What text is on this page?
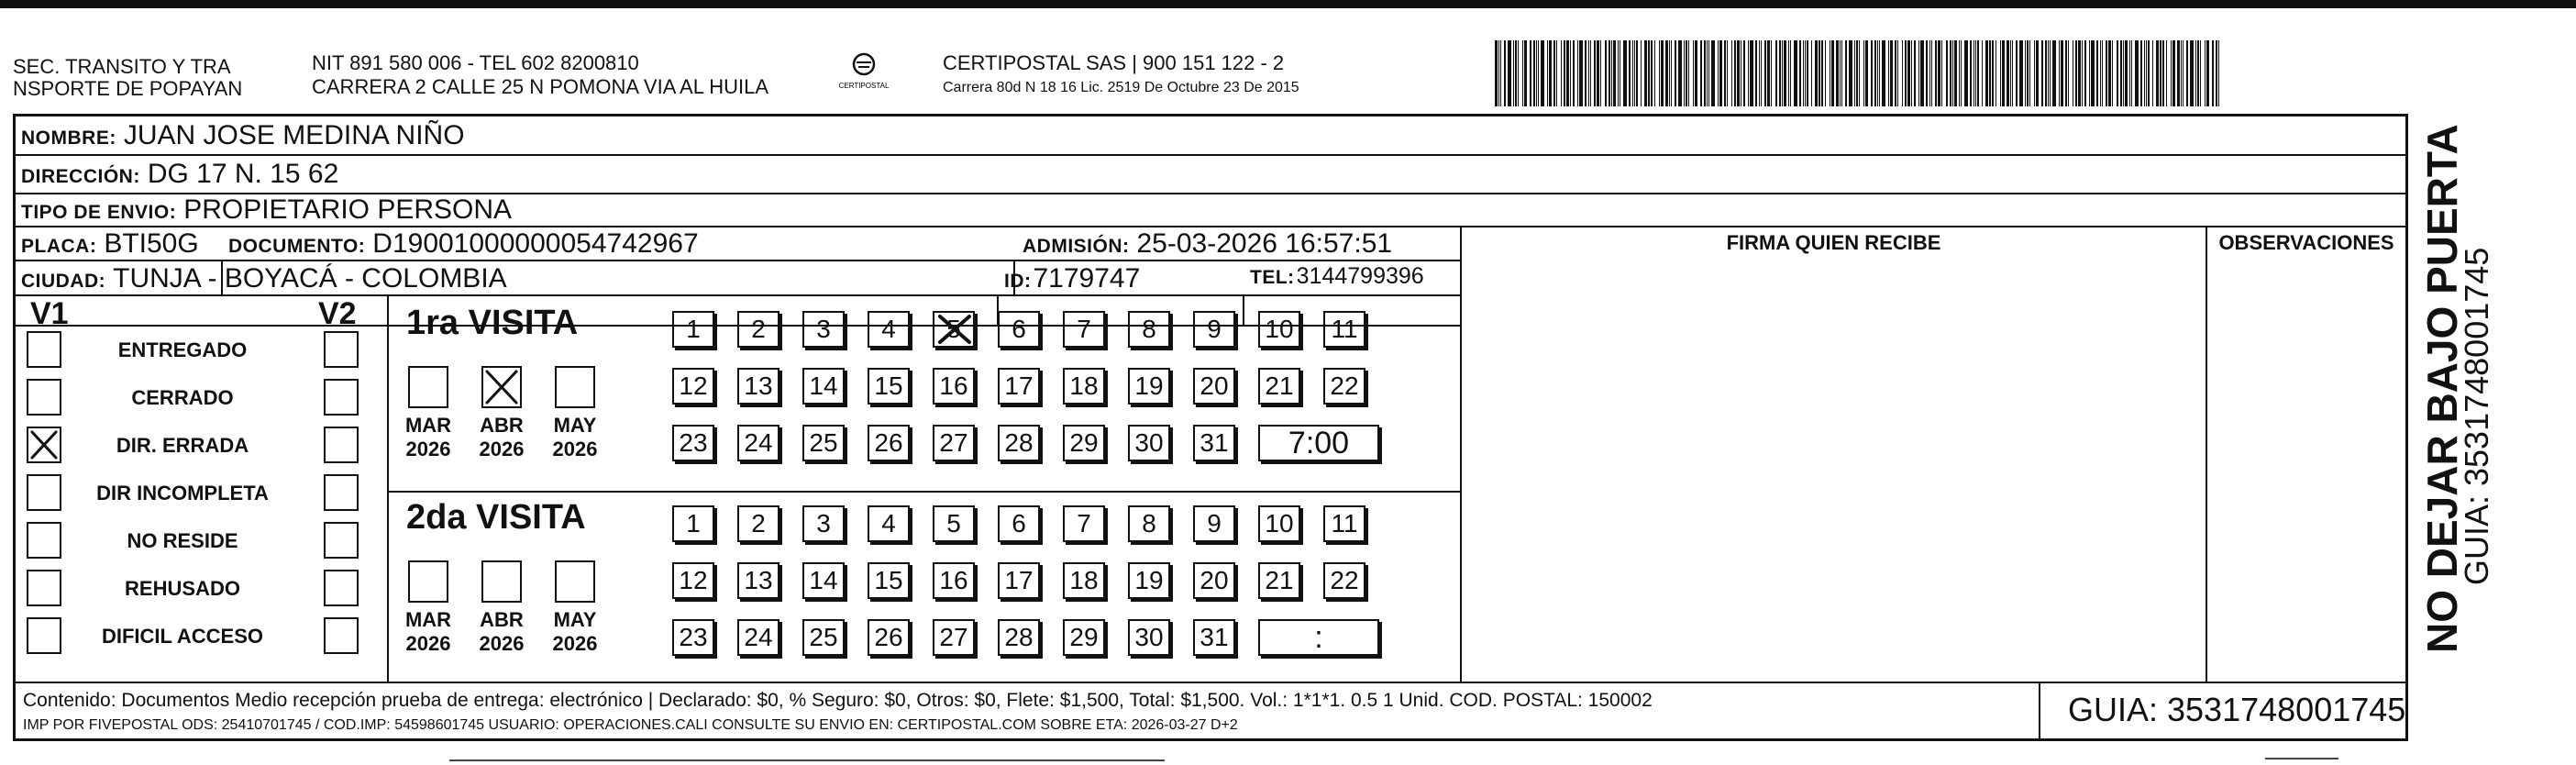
SEC. TRANSITO Y TRA
NSPORTE DE POPAYAN
NIT 891 580 006 - TEL 602 8200810
CARRERA 2 CALLE 25 N POMONA VIA AL HUILA	CERTIPOSTAL
CERTIPOSTAL SAS | 900 151 122 - 2
Carrera 80d N 18 16 Lic. 2519 De Octubre 23 De 2015
NOMBRE: JUAN JOSE MEDINA NIÑO
DIRECCIÓN: DG 17 N. 15 62
TIPO DE ENVIO: PROPIETARIO PERSONA
FIRMA QUIEN RECIBE	OBSERVACIONES
PLACA: BTI50G DOCUMENTO: D19001000000054742967	ADMISIÓN: 25-03-2026 16:57:51
CIUDAD: TUNJA - BOYACÁ - COLOMBIA	ID: 7179747	TEL: 3144799396
V1	V2
ENTREGADO
CERRADO
DIR. ERRADA
DIR INCOMPLETA
NO RESIDE
REHUSADO
DIFICIL ACCESO
1ra VISITA
MAR
2026
ABR
2026
MAY
2026
1	2	3	4	5	6	7	8	9	10	11
12 13 14 15 16 17 18 19 20 21 22
23 24 25 26 27 28 29 30 31	7:00
2da VISITA
MAR
2026
ABR
2026
MAY
2026
1	2	3	4	5	6	7	8	9	10	11
12 13 14 15 16 17 18 19 20 21 22
23 24 25 26 27 28 29 30 31	:
Contenido: Documentos Medio recepción prueba de entrega: electrónico | Declarado: $0, % Seguro: $0, Otros: $0, Flete: $1,500, Total: $1,500. Vol.: 1*1*1. 0.5 1 Unid. COD. POSTAL: 150002
IMP POR FIVEPOSTAL ODS: 25410701745 / COD.IMP: 54598601745 USUARIO: OPERACIONES.CALI CONSULTE SU ENVIO EN: CERTIPOSTAL.COM SOBRE ETA: 2026-03-27 D+2	GUIA: 3531748001745
NO DEJAR BAJO PUERTA
GUIA: 3531748001745
